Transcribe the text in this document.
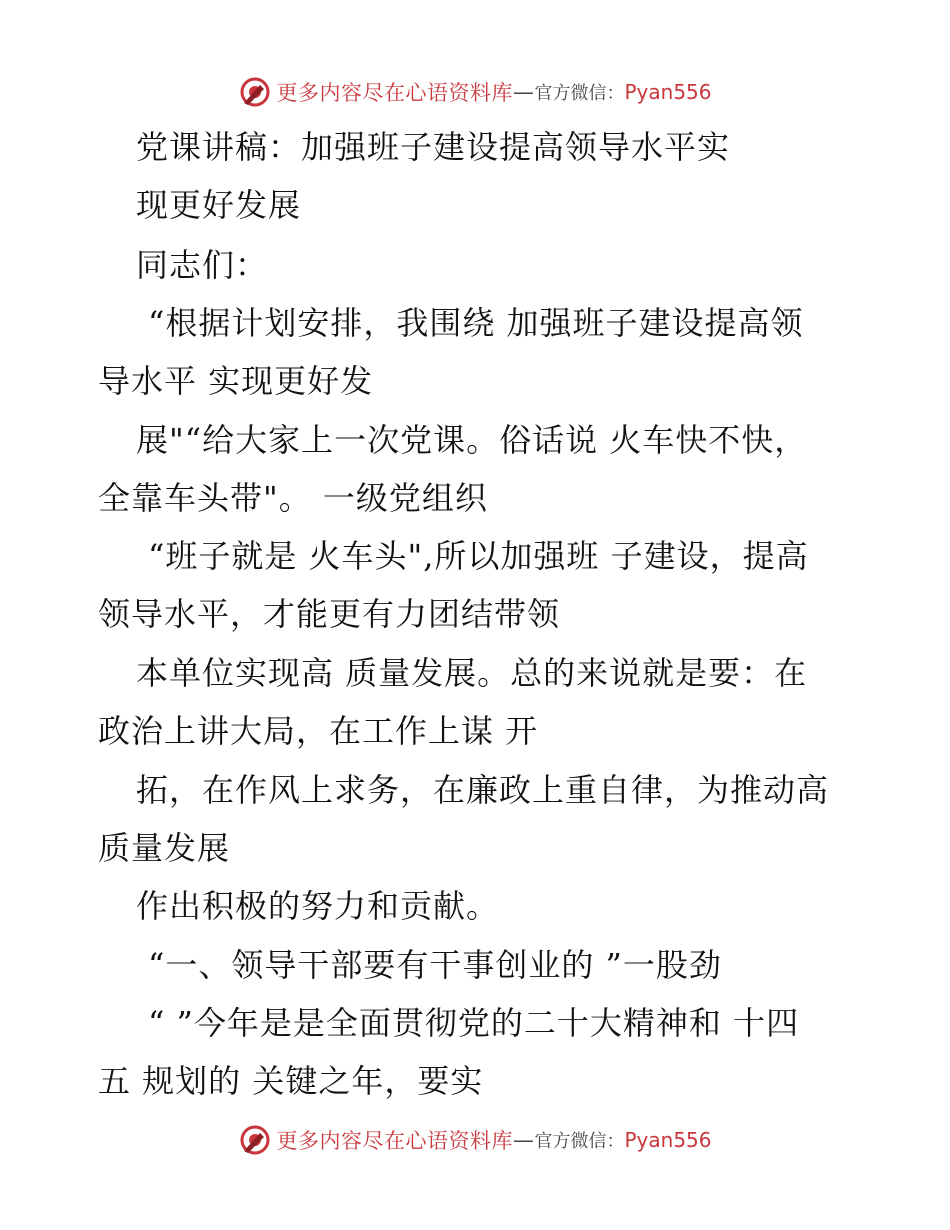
更多内容尽在心语资料库 — 官方微信： Pyan556
党课讲稿：加强班子建设提高领导水平实
现更好发展
同志们：
“根据计划安排，我围绕 加强班子建设提高领
导水平 实现更好发
展"“给大家上一次党课。俗话说 火车快不快，
全靠车头带"。 一级党组织
“班子就是 火车头",所以加强班 子建设，提高
领导水平，才能更有力团结带领
本单位实现高 质量发展。总的来说就是要：在
政治上讲大局，在工作上谋 开
拓，在作风上求务，在廉政上重自律，为推动高
质量发展
作出积极的努力和贡献。
“一、领导干部要有干事创业的 ”一股劲
“ ”今年是是全面贯彻党的二十大精神和 十四
五 规划的 关键之年，要实
更多内容尽在心语资料库 — 官方微信： Pyan556
